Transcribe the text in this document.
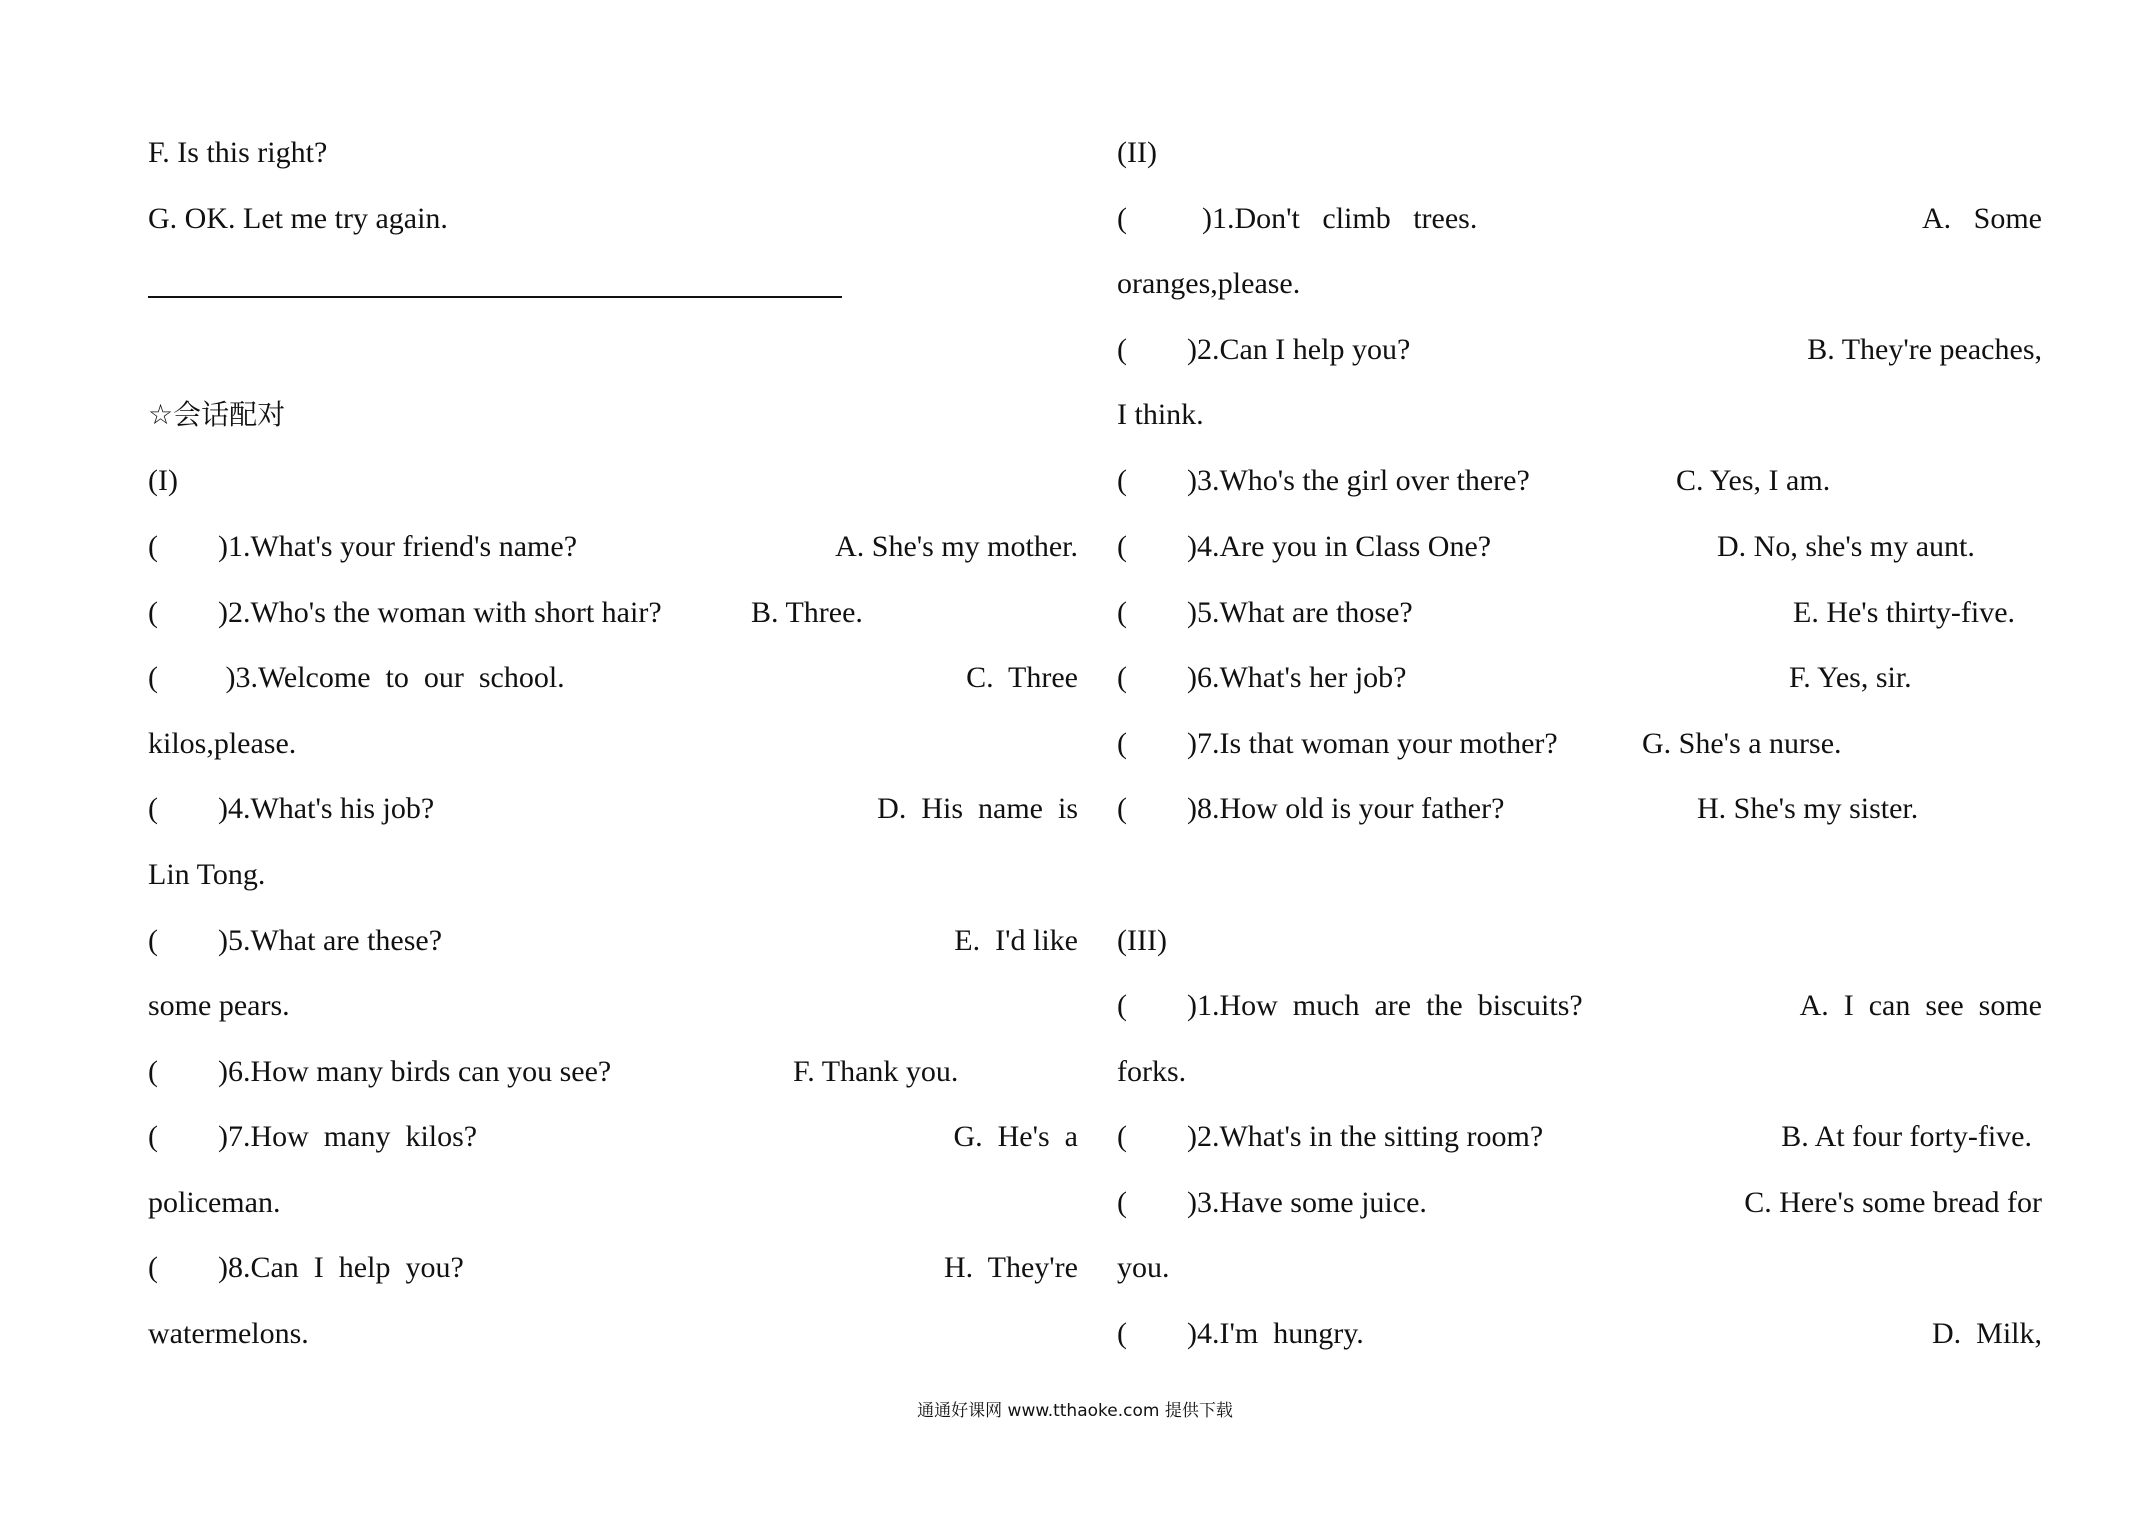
F. Is this right?
G. OK. Let me try again.
☆会话配对
(I)
(        )1.What's your friend's name?	A. She's my mother.
(        )2.Who's the woman with short hair?	B. Three.
(         )3.Welcome  to  our  school.	C.  Three
kilos,please.
(        )4.What's his job?	D.  His  name  is
Lin Tong.
(        )5.What are these?	E.  I'd like
some pears.
(        )6.How many birds can you see?	F. Thank you.
(        )7.How  many  kilos?	G.  He's  a
policeman.
(        )8.Can  I  help  you?	H.  They're
watermelons.
(II)
(          )1.Don't   climb   trees.	A.   Some
oranges,please.
(        )2.Can I help you?	B. They're peaches,
I think.
(        )3.Who's the girl over there?	C. Yes, I am.
(        )4.Are you in Class One?	D. No, she's my aunt.
(        )5.What are those?	E. He's thirty-five.
(        )6.What's her job?	F. Yes, sir.
(        )7.Is that woman your mother?	G. She's a nurse.
(        )8.How old is your father?	H. She's my sister.
(III)
(        )1.How  much  are  the  biscuits?	A.  I  can  see  some
forks.
(        )2.What's in the sitting room?	B. At four forty-five.
(        )3.Have some juice.	C. Here's some bread for
you.
(        )4.I'm  hungry.	D.  Milk,
通通好课网 www.tthaoke.com 提供下载
